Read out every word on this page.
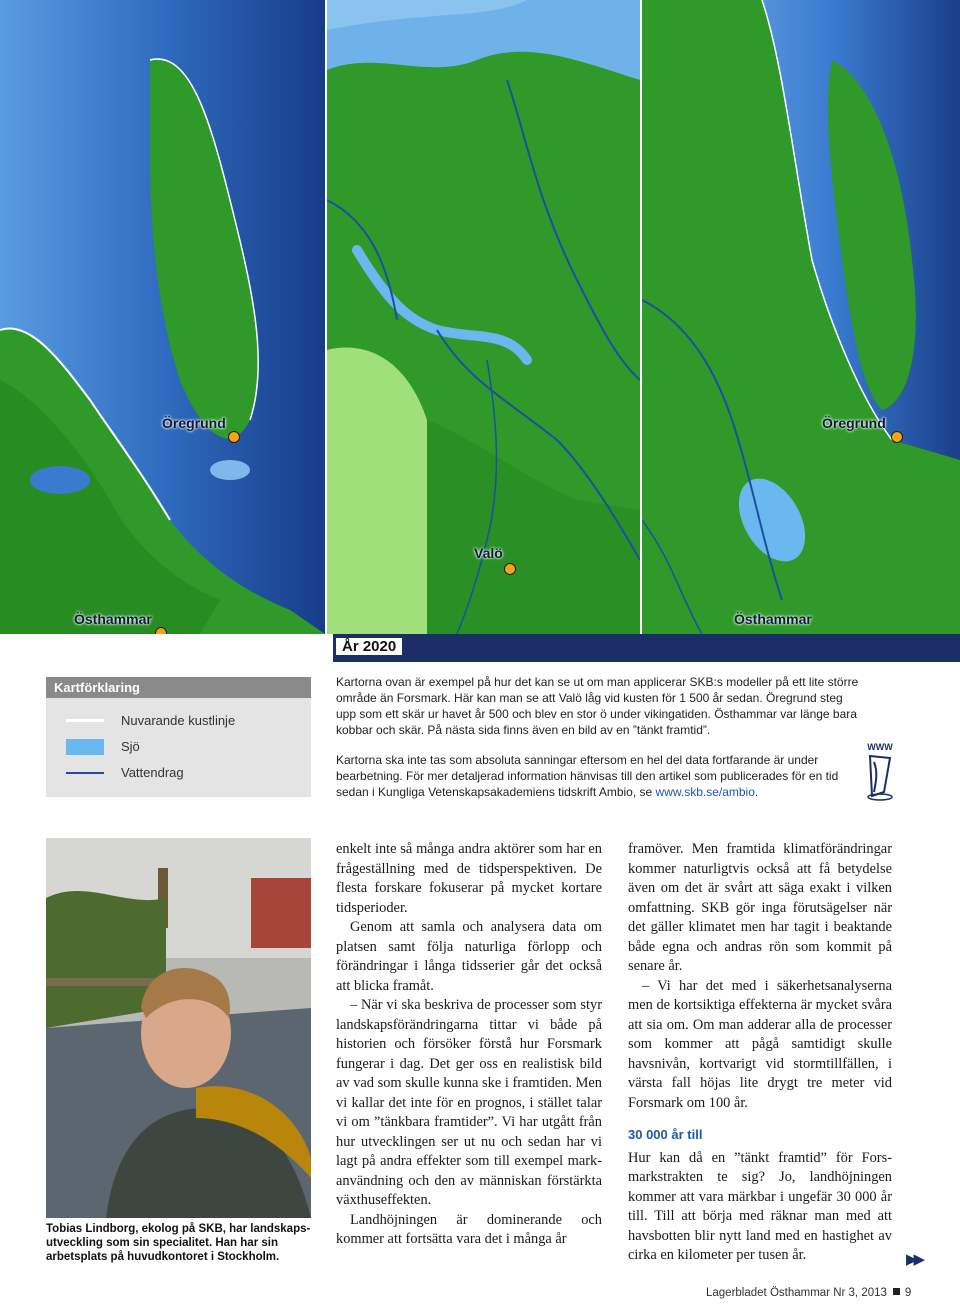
Öregrund
Östhammar
Valö
Öregrund
Östhammar
År 2020
Kartförklaring
Nuvarande kustlinje
Sjö
Vattendrag
Kartorna ovan är exempel på hur det kan se ut om man applicerar SKB:s modeller på ett lite större område än Forsmark. Här kan man se att Valö låg vid kusten för 1 500 år sedan. Öregrund steg upp som ett skär ur havet år 500 och blev en stor ö under vikingatiden. Östhammar var länge bara kobbar och skär. På nästa sida finns även en bild av en ”tänkt framtid”.
Kartorna ska inte tas som absoluta sanningar eftersom en hel del data fortfarande är under bearbetning. För mer detaljerad information hänvisas till den artikel som publicerades för en tid sedan i Kungliga Vetenskapsakademiens tidskrift Ambio, se www.skb.se/ambio.
WWW
Tobias Lindborg, ekolog på SKB, har landskapsutveckling som sin specialitet. Han har sin arbetsplats på huvudkontoret i Stockholm.

enkelt inte så många andra aktörer som har en frågeställning med de tidsperspektiven. De flesta forskare fokuserar på mycket kortare tidsperioder.

Genom att samla och analysera data om platsen samt följa naturliga förlopp och förändringar i långa tidsserier går det också att blicka framåt.

– När vi ska beskriva de processer som styr landskapsförändringarna tittar vi både på historien och försöker förstå hur Forsmark fungerar i dag. Det ger oss en realistisk bild av vad som skulle kunna ske i framtiden. Men vi kallar det inte för en prognos, i stället talar vi om ”tänkbara framtider”. Vi har utgått från hur utvecklingen ser ut nu och sedan har vi lagt på andra effekter som till exempel markanvändning och den av människan förstärkta växthuseffekten.

Landhöjningen är dominerande och kommer att fortsätta vara det i många år

framöver. Men framtida klimatförändringar kommer naturligtvis också att få betydelse även om det är svårt att säga exakt i vilken omfattning. SKB gör inga förutsägelser när det gäller klimatet men har tagit i beaktande både egna och andras rön som kommit på senare år.

– Vi har det med i säkerhetsanalyserna men de kortsiktiga effekterna är mycket svåra att sia om. Om man adderar alla de processer som kommer att pågå samtidigt skulle havsnivån, kortvarigt vid stormtillfällen, i värsta fall höjas lite drygt tre meter vid Forsmark om 100 år.

30 000 år till

Hur kan då en ”tänkt framtid” för Forsmarkstrakten te sig? Jo, landhöjningen kommer att vara märkbar i ungefär 30 000 år till. Till att börja med räknar man med att havsbotten blir nytt land med en hastighet av cirka en kilometer per tusen år.	▶▶
Lagerbladet Östhammar Nr 3, 2013 9
